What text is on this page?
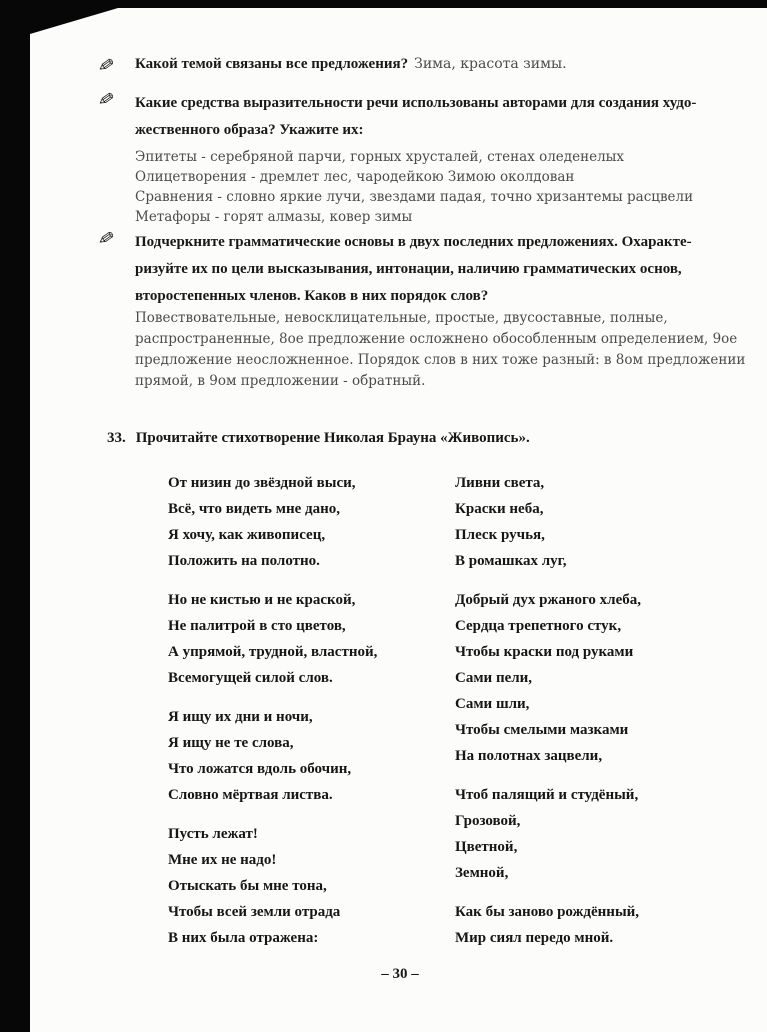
✎ Какой темой связаны все предложения? Зима, красота зимы.
✎ Какие средства выразительности речи использованы авторами для создания худо-
жественного образа? Укажите их:
Эпитеты - серебряной парчи, горных хрусталей, стенах оледенелых
Олицетворения - дремлет лес, чародейкою Зимою околдован
Сравнения - словно яркие лучи, звездами падая, точно хризантемы расцвели
Метафоры - горят алмазы, ковер зимы
✎ Подчеркните грамматические основы в двух последних предложениях. Охаракте-
ризуйте их по цели высказывания, интонации, наличию грамматических основ,
второстепенных членов. Каков в них порядок слов?
Повествовательные, невосклицательные, простые, двусоставные, полные,
распространенные, 8ое предложение осложнено обособленным определением, 9ое
предложение неосложненное. Порядок слов в них тоже разный: в 8ом предложении
прямой, в 9ом предложении - обратный.
33. Прочитайте стихотворение Николая Брауна «Живопись».
От низин до звёздной выси,
Всё, что видеть мне дано,
Я хочу, как живописец,
Положить на полотно.
Но не кистью и не краской,
Не палитрой в сто цветов,
А упрямой, трудной, властной,
Всемогущей силой слов.
Я ищу их дни и ночи,
Я ищу не те слова,
Что ложатся вдоль обочин,
Словно мёртвая листва.
Пусть лежат!
Мне их не надо!
Отыскать бы мне тона,
Чтобы всей земли отрада
В них была отражена:
Ливни света,
Краски неба,
Плеск ручья,
В ромашках луг,
Добрый дух ржаного хлеба,
Сердца трепетного стук,
Чтобы краски под руками
Сами пели,
Сами шли,
Чтобы смелыми мазками
На полотнах зацвели,
Чтоб палящий и студёный,
Грозовой,
Цветной,
Земной,
Как бы заново рождённый,
Мир сиял передо мной.
– 30 –
